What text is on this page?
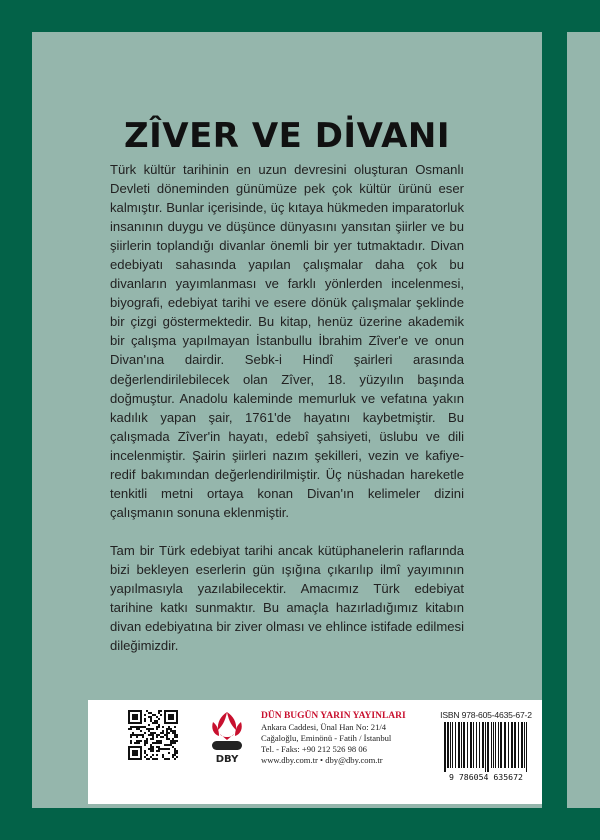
ZÎVER VE DİVANI

Türk kültür tarihinin en uzun devresini oluşturan Osmanlı Devleti döneminden günümüze pek çok kültür ürünü eser kalmıştır. Bunlar içerisinde, üç kıtaya hükmeden imparatorluk insanının duygu ve düşünce dünyasını yansıtan şiirler ve bu şiirlerin toplandığı divanlar önemli bir yer tutmaktadır. Divan edebiyatı sahasında yapılan çalışmalar daha çok bu divanların yayımlanması ve farklı yönlerden incelenmesi, biyografi, edebiyat tarihi ve esere dönük çalışmalar şeklinde bir çizgi göstermektedir. Bu kitap, henüz üzerine akademik bir çalışma yapılmayan İstanbullu İbrahim Zîver'e ve onun Divan'ına dairdir. Sebk-i Hindî şairleri arasında değerlendirilebilecek olan Zîver, 18. yüzyılın başında doğmuştur. Anadolu kaleminde memurluk ve vefatına yakın kadılık yapan şair, 1761'de hayatını kaybetmiştir. Bu çalışmada Zîver'in hayatı, edebî şahsiyeti, üslubu ve dili incelenmiştir. Şairin şiirleri nazım şekilleri, vezin ve kafiye-redif bakımından değerlendirilmiştir. Üç nüshadan hareketle tenkitli metni ortaya konan Divan'ın kelimeler dizini çalışmanın sonuna eklenmiştir.

Tam bir Türk edebiyat tarihi ancak kütüphanelerin raflarında bizi bekleyen eserlerin gün ışığına çıkarılıp ilmî yayımının yapılmasıyla yazılabilecektir. Amacımız Türk edebiyat tarihine katkı sunmaktır. Bu amaçla hazırladığımız kitabın divan edebiyatına bir ziver olması ve ehlince istifade edilmesi dileğimizdir.

DBY
DÜN BUGÜN YARIN YAYINLARI
Ankara Caddesi, Ünal Han No: 21/4
Cağaloğlu, Eminönü - Fatih / İstanbul
Tel. - Faks: +90 212 526 98 06
www.dby.com.tr • dby@dby.com.tr
ISBN 978-605-4635-67-2
9 786054 635672
